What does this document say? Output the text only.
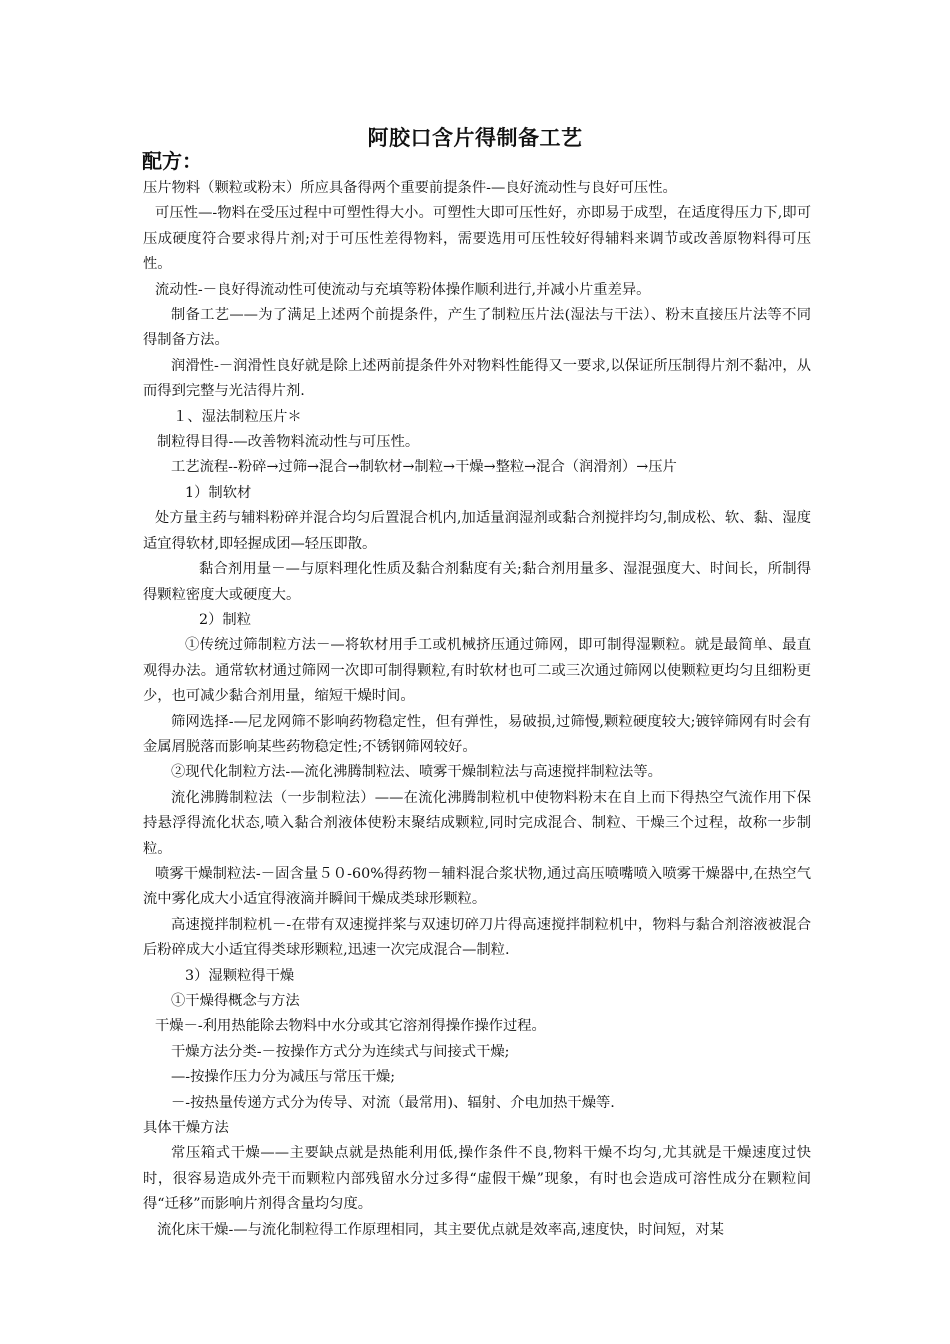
阿胶口含片得制备工艺
配方：

压片物料（颗粒或粉末）所应具备得两个重要前提条件-—良好流动性与良好可压性。

可压性—-物料在受压过程中可塑性得大小。可塑性大即可压性好，亦即易于成型，在适度得压力下,即可压成硬度符合要求得片剂;对于可压性差得物料，需要选用可压性较好得辅料来调节或改善原物料得可压性。

流动性-－良好得流动性可使流动与充填等粉体操作顺利进行,并减小片重差异。

制备工艺——为了满足上述两个前提条件，产生了制粒压片法(湿法与干法）、粉末直接压片法等不同得制备方法。

润滑性-－润滑性良好就是除上述两前提条件外对物料性能得又一要求,以保证所压制得片剂不黏冲，从而得到完整与光洁得片剂.

１、湿法制粒压片＊

制粒得目得-—改善物料流动性与可压性。

工艺流程--粉碎→过筛→混合→制软材→制粒→干燥→整粒→混合（润滑剂）→压片

1）制软材

处方量主药与辅料粉碎并混合均匀后置混合机内,加适量润湿剂或黏合剂搅拌均匀,制成松、软、黏、湿度适宜得软材,即轻握成团—轻压即散。

黏合剂用量－—与原料理化性质及黏合剂黏度有关;黏合剂用量多、湿混强度大、时间长，所制得得颗粒密度大或硬度大。

2）制粒

①传统过筛制粒方法－—将软材用手工或机械挤压通过筛网，即可制得湿颗粒。就是最简单、最直观得办法。通常软材通过筛网一次即可制得颗粒,有时软材也可二或三次通过筛网以使颗粒更均匀且细粉更少，也可减少黏合剂用量，缩短干燥时间。

筛网选择-—尼龙网筛不影响药物稳定性，但有弹性，易破损,过筛慢,颗粒硬度较大;镀锌筛网有时会有金属屑脱落而影响某些药物稳定性;不锈钢筛网较好。

②现代化制粒方法-—流化沸腾制粒法、喷雾干燥制粒法与高速搅拌制粒法等。

流化沸腾制粒法（一步制粒法）——在流化沸腾制粒机中使物料粉末在自上而下得热空气流作用下保持悬浮得流化状态,喷入黏合剂液体使粉末聚结成颗粒,同时完成混合、制粒、干燥三个过程，故称一步制粒。

喷雾干燥制粒法-－固含量５０-60%得药物－辅料混合浆状物,通过高压喷嘴喷入喷雾干燥器中,在热空气流中雾化成大小适宜得液滴并瞬间干燥成类球形颗粒。

高速搅拌制粒机－-在带有双速搅拌桨与双速切碎刀片得高速搅拌制粒机中，物料与黏合剂溶液被混合后粉碎成大小适宜得类球形颗粒,迅速一次完成混合—制粒.

3）湿颗粒得干燥

①干燥得概念与方法

干燥－-利用热能除去物料中水分或其它溶剂得操作操作过程。

干燥方法分类-－按操作方式分为连续式与间接式干燥;

—-按操作压力分为减压与常压干燥;

－-按热量传递方式分为传导、对流（最常用)、辐射、介电加热干燥等.

具体干燥方法

常压箱式干燥——主要缺点就是热能利用低,操作条件不良,物料干燥不均匀,尤其就是干燥速度过快时，很容易造成外壳干而颗粒内部残留水分过多得“虚假干燥”现象，有时也会造成可溶性成分在颗粒间得“迁移”而影响片剂得含量均匀度。

流化床干燥-—与流化制粒得工作原理相同，其主要优点就是效率高,速度快，时间短，对某
